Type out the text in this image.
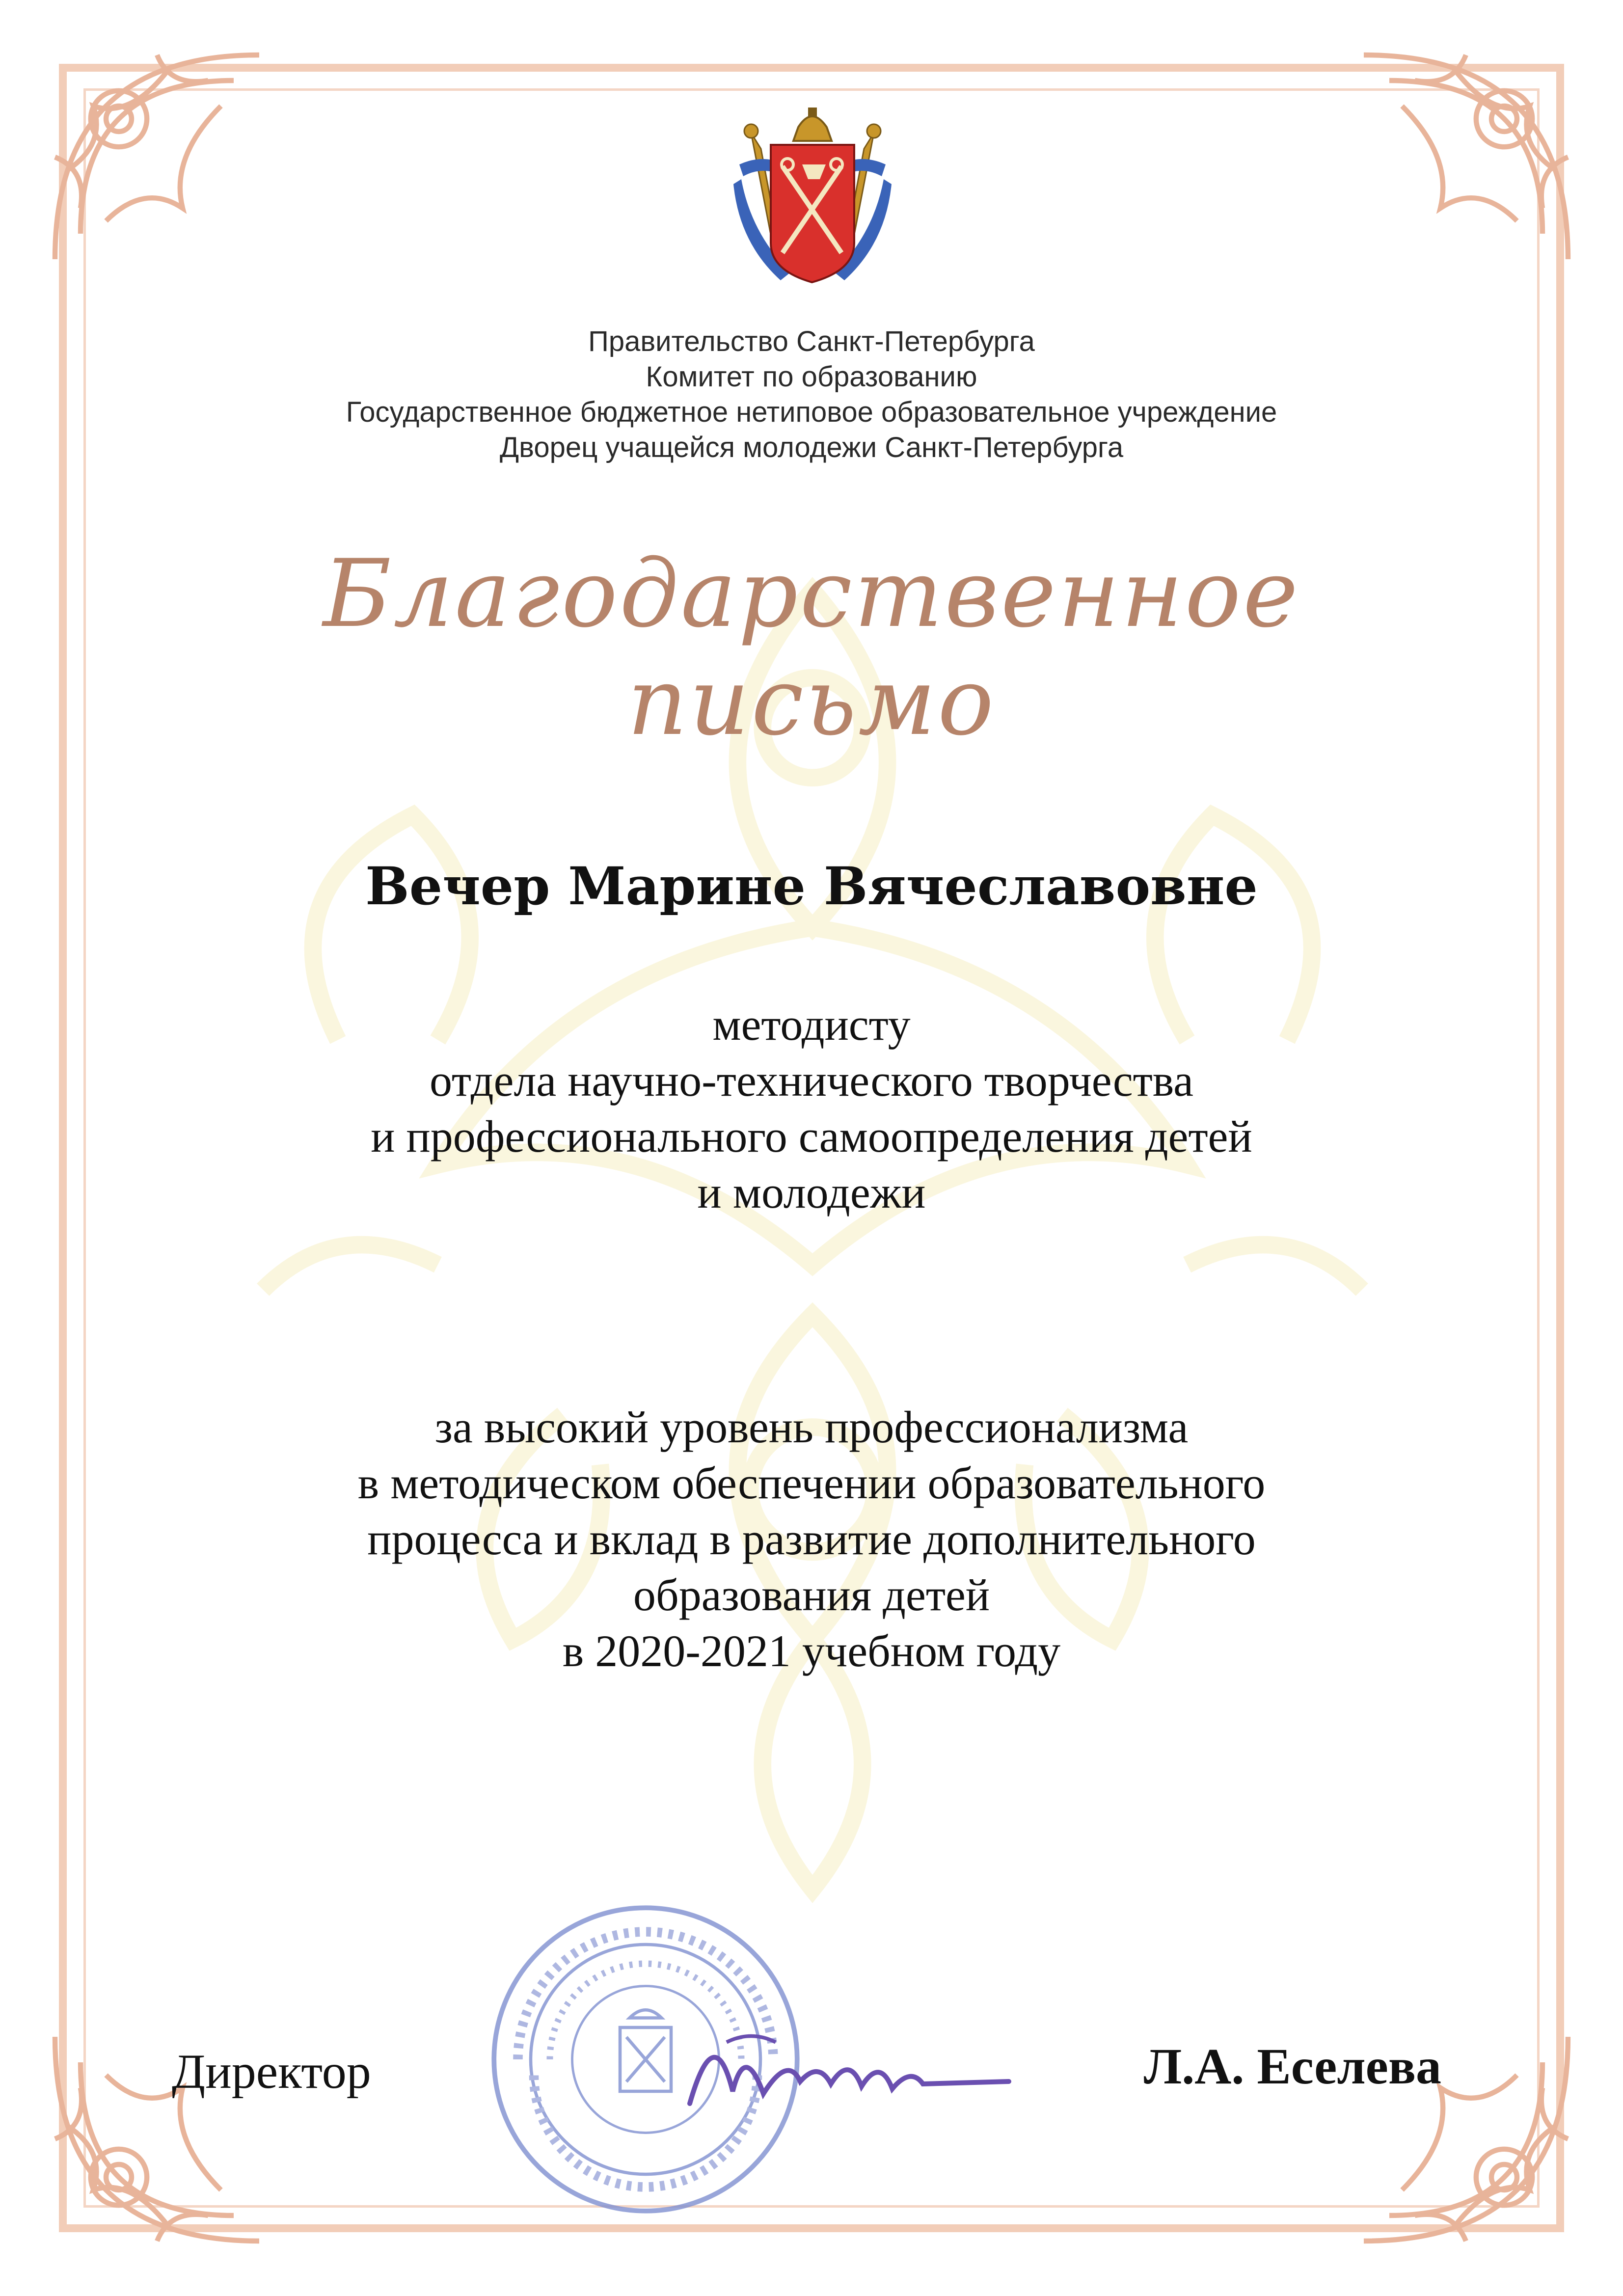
Правительство Санкт-Петербурга
Комитет по образованию
Государственное бюджетное нетиповое образовательное учреждение
Дворец учащейся молодежи Санкт-Петербурга
Благодарственное письмо
Вечер Марине Вячеславовне
методисту
отдела научно-технического творчества
и профессионального самоопределения детей
и молодежи
за высокий уровень профессионализма
в методическом обеспечении образовательного
процесса и вклад в развитие дополнительного
образования детей
в 2020-2021 учебном году
Директор	Л.А. Еселева
